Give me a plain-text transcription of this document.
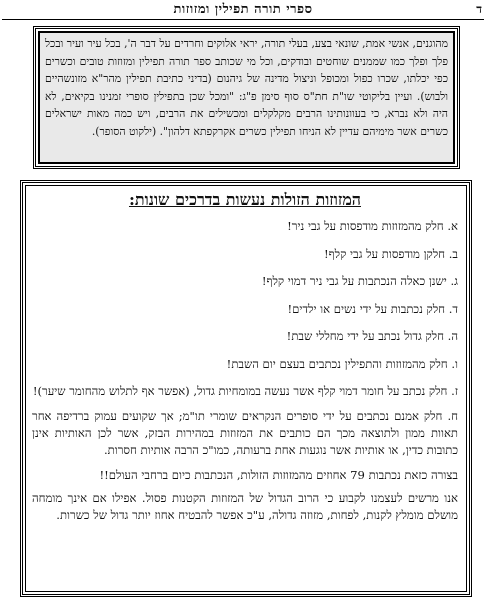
ספרי תורה תפילין ומזוזות	ד
מהוגנים, אנשי אמת, שונאי בצע, בעלי תורה, יראי אלוקים וחרדים על דבר ה', בכל עיר ועיר ובכל פלך ופלך כמו שממנים שוחטים ובודקים, וכל מי שכותב ספר תורה תפילין ומזוזות טובים וכשרים כפי יכלתו, שכרו כפול ומכופל וניצול מדינה של גיהנום (בדיני כתיבת תפילין מהר"א מזונשהיים ולבוש). ועיין בליקוטי שו"ת חת"ס סוף סימן פ"ג: "ומכל שכן בתפילין סופרי זמנינו בקיאים, לא היה ולא נברא, כי בעוונותינו הרבים מקלקלים ומכשילים את הרבים, ויש כמה מאות ישראלים כשרים אשר מימיהם עדיין לא הניחו תפילין כשרים אקרקפתא דלהון". (ילקוט הסופר).
המזוזות הזולות נעשות בדרכים שונות:
א. חלק מהמזוזות מודפסות על גבי ניר!
ב. חלקן מודפסות על גבי קלף!
ג. ישנן כאלה הנכתבות על גבי ניר דמוי קלף!
ד. חלק נכתבות על ידי נשים או ילדים!
ה. חלק גדול נכתב על ידי מחללי שבת!
ו. חלק מהמזוזות והתפילין נכתבים בעצם יום השבת!
ז. חלק נכתב על חומר דמוי קלף אשר נעשה במומחיות גדול, (אפשר אף לתלוש מהחומר שיער)!
ח. חלק אמנם נכתבים על ידי סופרים הנקראים שומרי תו"מ; אך שקועים עמוק ברדיפה אחר תאוות ממון ולתוצאה מכך הם כותבים את המזוזות במהירות הבזק, אשר לכן האותיות אינן כתובות כדין, או אותיות אשר נוגעות אחת ברעותה, כמו"כ הרבה אותיות חסרות.
בצורה כזאת נכתבות 79 אחוזים מהמזוזות הזולות, הנכתבות כיום ברחבי העולם!!
אנו מרשים לעצמנו לקבוע כי הרוב הגדול של המזוזות הקטנות פסול. אפילו אם אינך מומחה מושלם מומלץ לקנות, לפחות, מזוזה גדולה, ע"כ אפשר להבטיח אחוז יותר גדול של כשרות.
